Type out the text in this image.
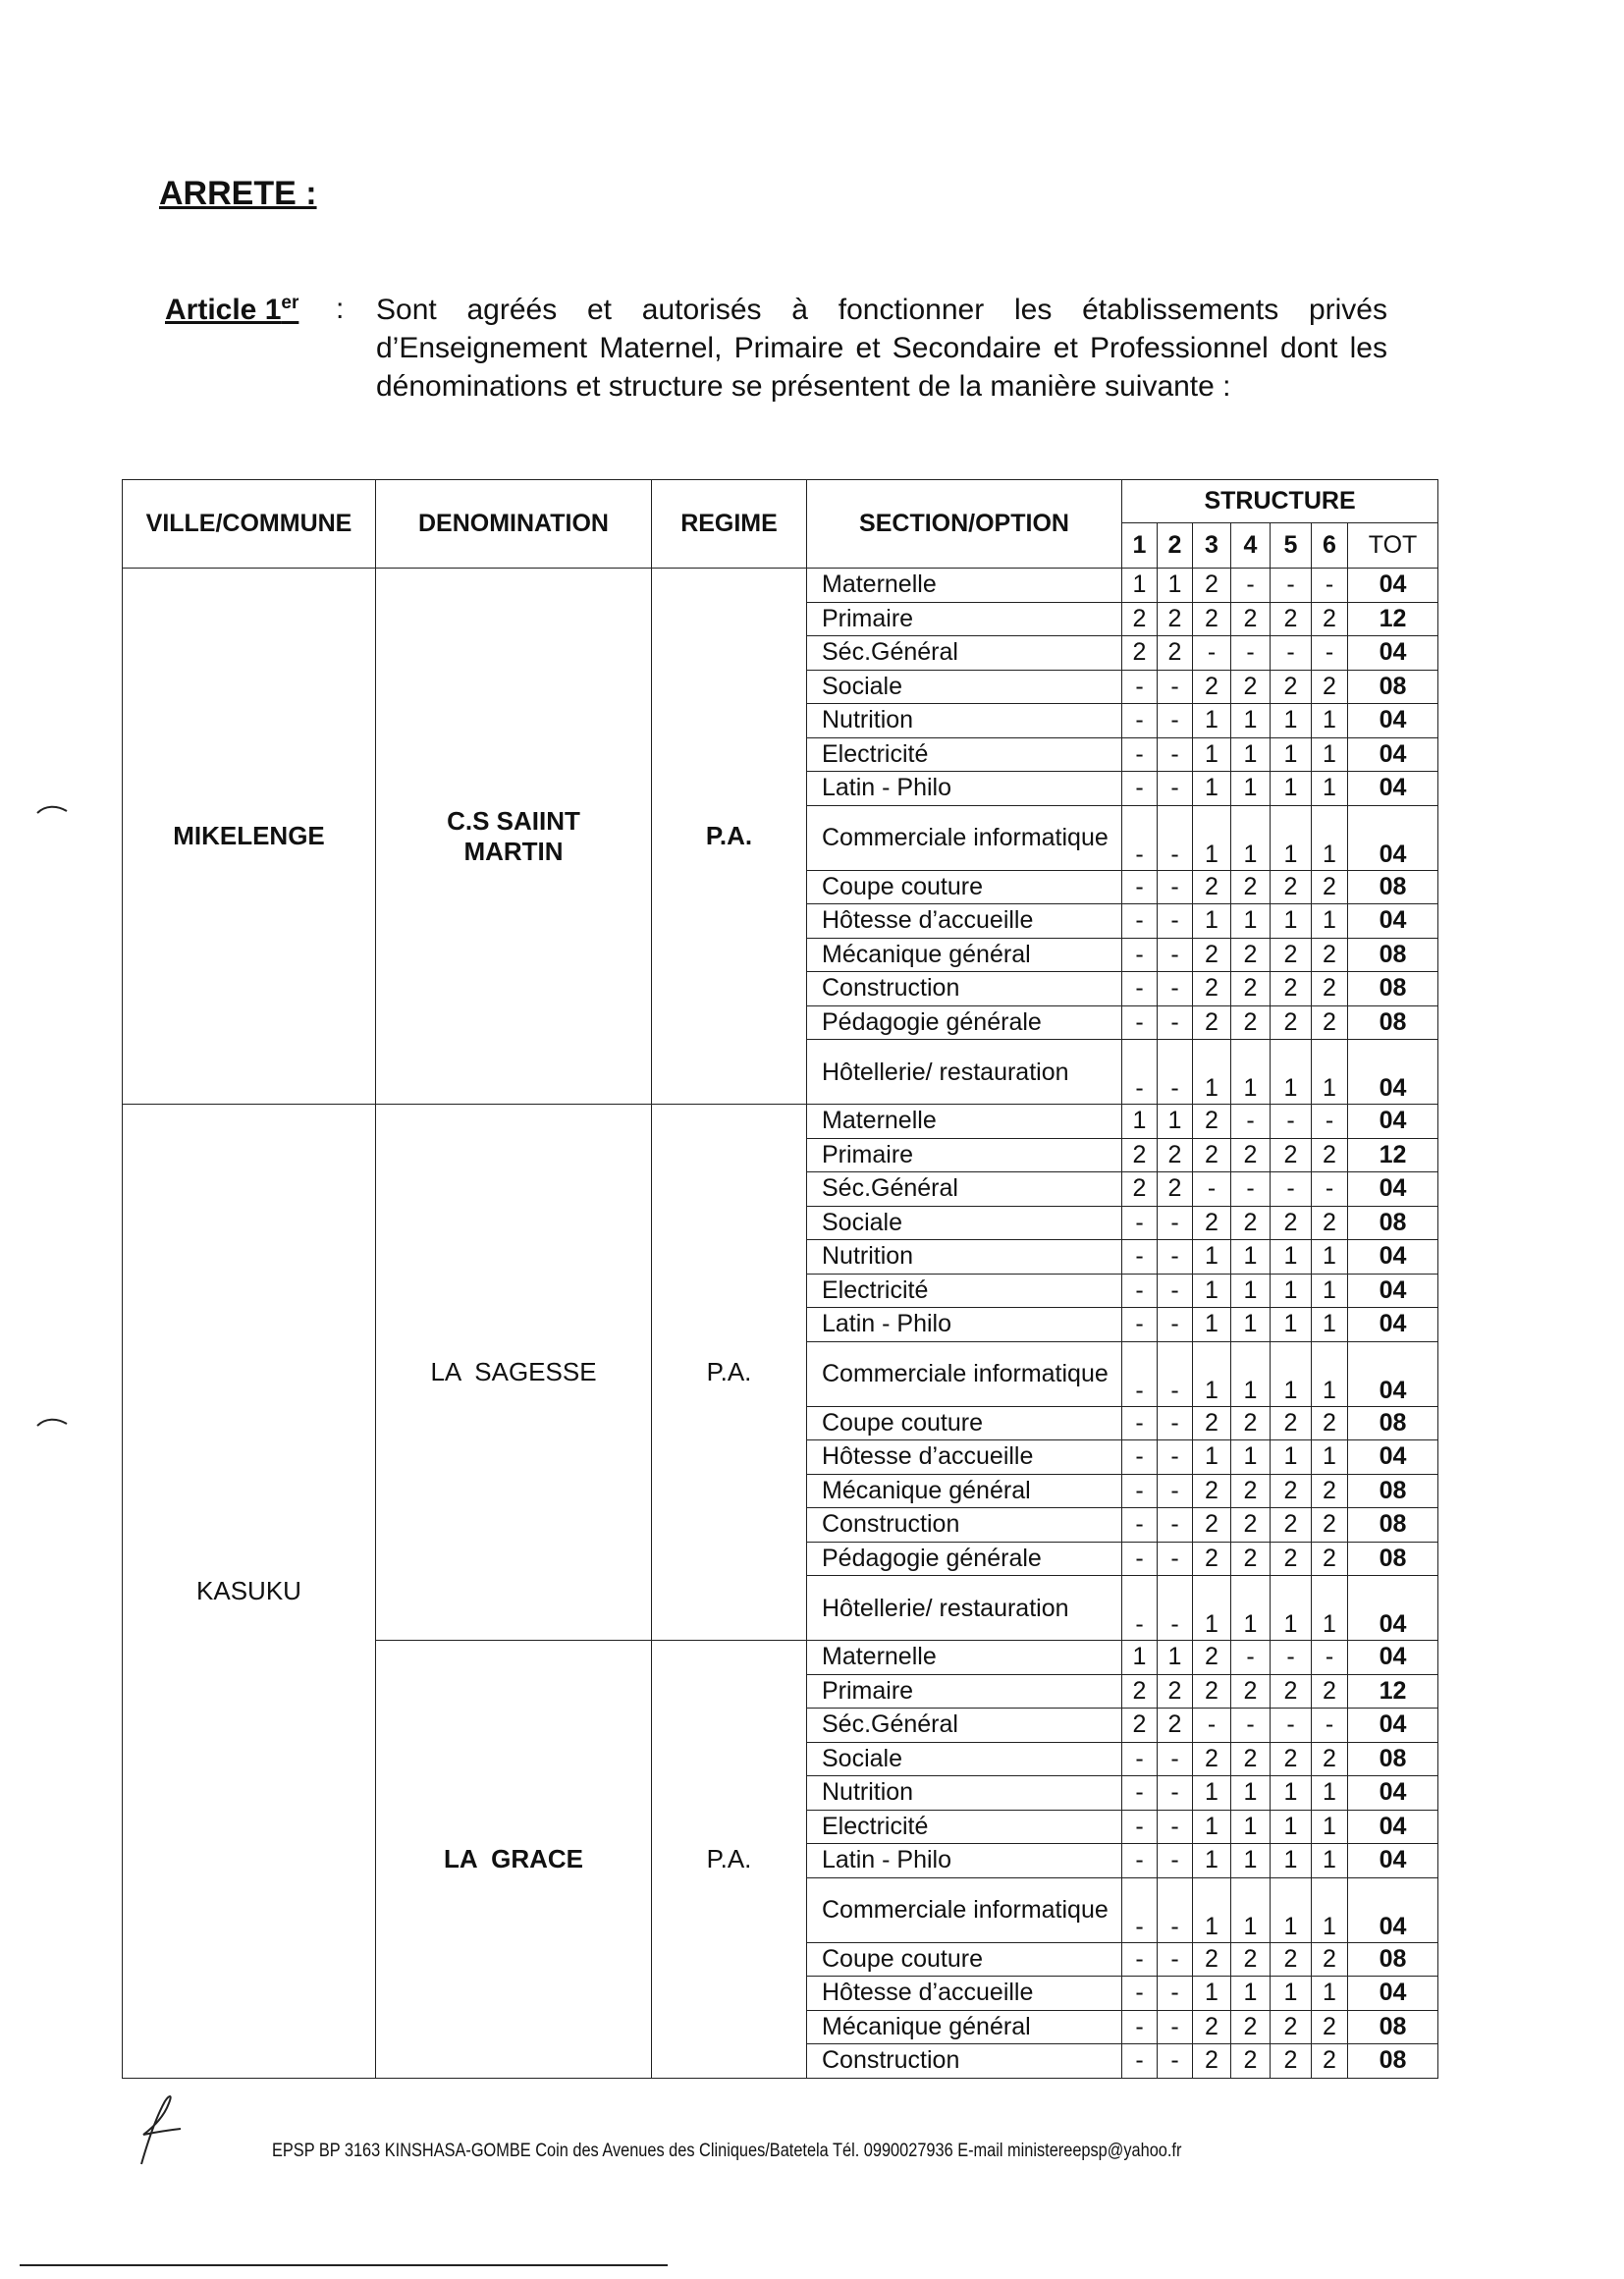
ARRETE :
Article 1er : Sont agréés et autorisés à fonctionner les établissements privés d’Enseignement Maternel, Primaire et Secondaire et Professionnel dont les dénominations et structure se présentent de la manière suivante :
VILLE/COMMUNE	DENOMINATION	REGIME	SECTION/OPTION	STRUCTURE						
				1	2	3	4	5	6	TOT

MIKELENGE	C.S SAIINT MARTIN	P.A.	Maternelle	1	1	2	-	-	-	04
			Primaire	2	2	2	2	2	2	12
			Séc.Général	2	2	-	-	-	-	04
			Sociale	-	-	2	2	2	2	08
			Nutrition	-	-	1	1	1	1	04
			Electricité	-	-	1	1	1	1	04
			Latin - Philo	-	-	1	1	1	1	04
			Commerciale informatique	-	-	1	1	1	1	04
			Coupe couture	-	-	2	2	2	2	08
			Hôtesse d’accueille	-	-	1	1	1	1	04
			Mécanique général	-	-	2	2	2	2	08
			Construction	-	-	2	2	2	2	08
			Pédagogie générale	-	-	2	2	2	2	08
			Hôtellerie/ restauration	-	-	1	1	1	1	04

KASUKU	LA  SAGESSE	P.A.	Maternelle	1	1	2	-	-	-	04
			Primaire	2	2	2	2	2	2	12
			Séc.Général	2	2	-	-	-	-	04
			Sociale	-	-	2	2	2	2	08
			Nutrition	-	-	1	1	1	1	04
			Electricité	-	-	1	1	1	1	04
			Latin - Philo	-	-	1	1	1	1	04
			Commerciale informatique	-	-	1	1	1	1	04
			Coupe couture	-	-	2	2	2	2	08
			Hôtesse d’accueille	-	-	1	1	1	1	04
			Mécanique général	-	-	2	2	2	2	08
			Construction	-	-	2	2	2	2	08
			Pédagogie générale	-	-	2	2	2	2	08
			Hôtellerie/ restauration	-	-	1	1	1	1	04

	LA  GRACE	P.A.	Maternelle	1	1	2	-	-	-	04
			Primaire	2	2	2	2	2	2	12
			Séc.Général	2	2	-	-	-	-	04
			Sociale	-	-	2	2	2	2	08
			Nutrition	-	-	1	1	1	1	04
			Electricité	-	-	1	1	1	1	04
			Latin - Philo	-	-	1	1	1	1	04
			Commerciale informatique	-	-	1	1	1	1	04
			Coupe couture	-	-	2	2	2	2	08
			Hôtesse d’accueille	-	-	1	1	1	1	04
			Mécanique général	-	-	2	2	2	2	08
			Construction	-	-	2	2	2	2	08
EPSP BP 3163 KINSHASA-GOMBE Coin des Avenues des Cliniques/Batetela Tél. 0990027936 E-mail ministereepsp@yahoo.fr
